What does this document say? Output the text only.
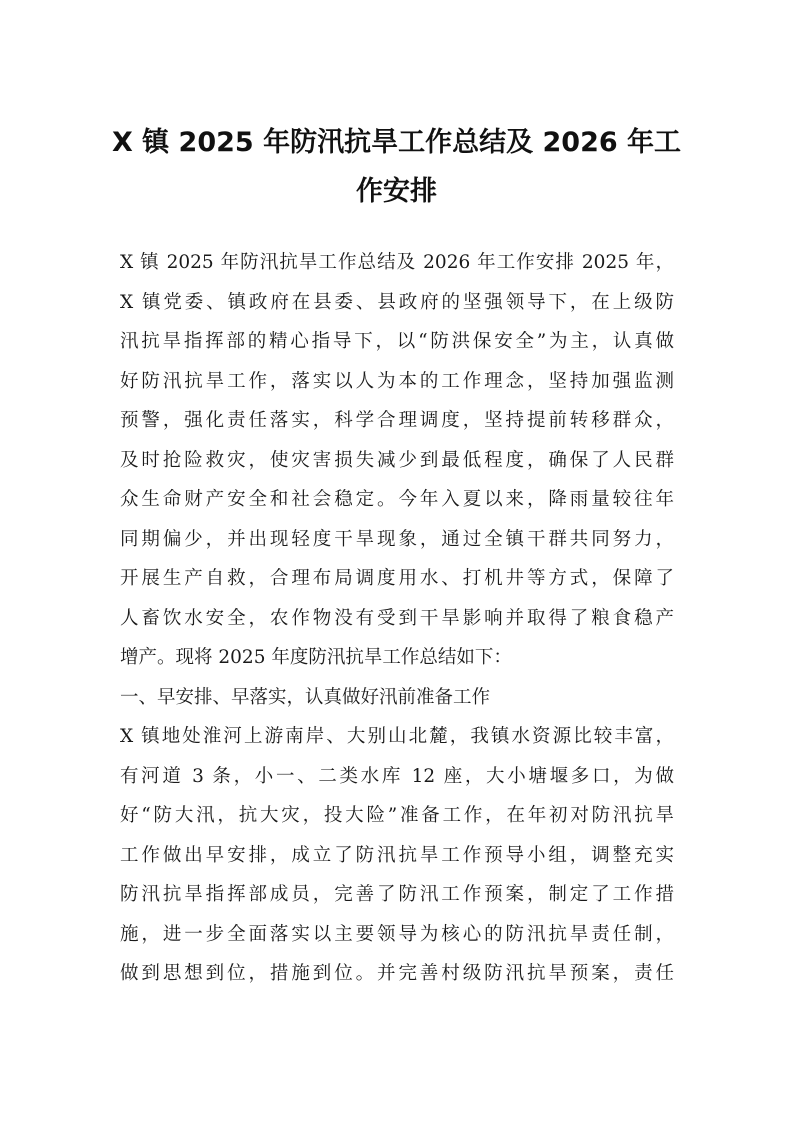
X 镇 2025 年防汛抗旱工作总结及 2026 年工
作安排
X 镇 2025 年防汛抗旱工作总结及 2026 年工作安排 2025 年，
X 镇党委、镇政府在县委、县政府的坚强领导下，在上级防
汛抗旱指挥部的精心指导下，以“防洪保安全”为主，认真做
好防汛抗旱工作，落实以人为本的工作理念，坚持加强监测
预警，强化责任落实，科学合理调度，坚持提前转移群众，
及时抢险救灾，使灾害损失减少到最低程度，确保了人民群
众生命财产安全和社会稳定。今年入夏以来，降雨量较往年
同期偏少，并出现轻度干旱现象，通过全镇干群共同努力，
开展生产自救，合理布局调度用水、打机井等方式，保障了
人畜饮水安全，农作物没有受到干旱影响并取得了粮食稳产
增产。现将 2025 年度防汛抗旱工作总结如下：
一、早安排、早落实，认真做好汛前准备工作
X 镇地处淮河上游南岸、大别山北麓，我镇水资源比较丰富，
有河道 3 条，小一、二类水库 12 座，大小塘堰多口，为做
好“防大汛，抗大灾，投大险”准备工作，在年初对防汛抗旱
工作做出早安排，成立了防汛抗旱工作预导小组，调整充实
防汛抗旱指挥部成员，完善了防汛工作预案，制定了工作措
施，进一步全面落实以主要领导为核心的防汛抗旱责任制，
做到思想到位，措施到位。并完善村级防汛抗旱预案，责任
